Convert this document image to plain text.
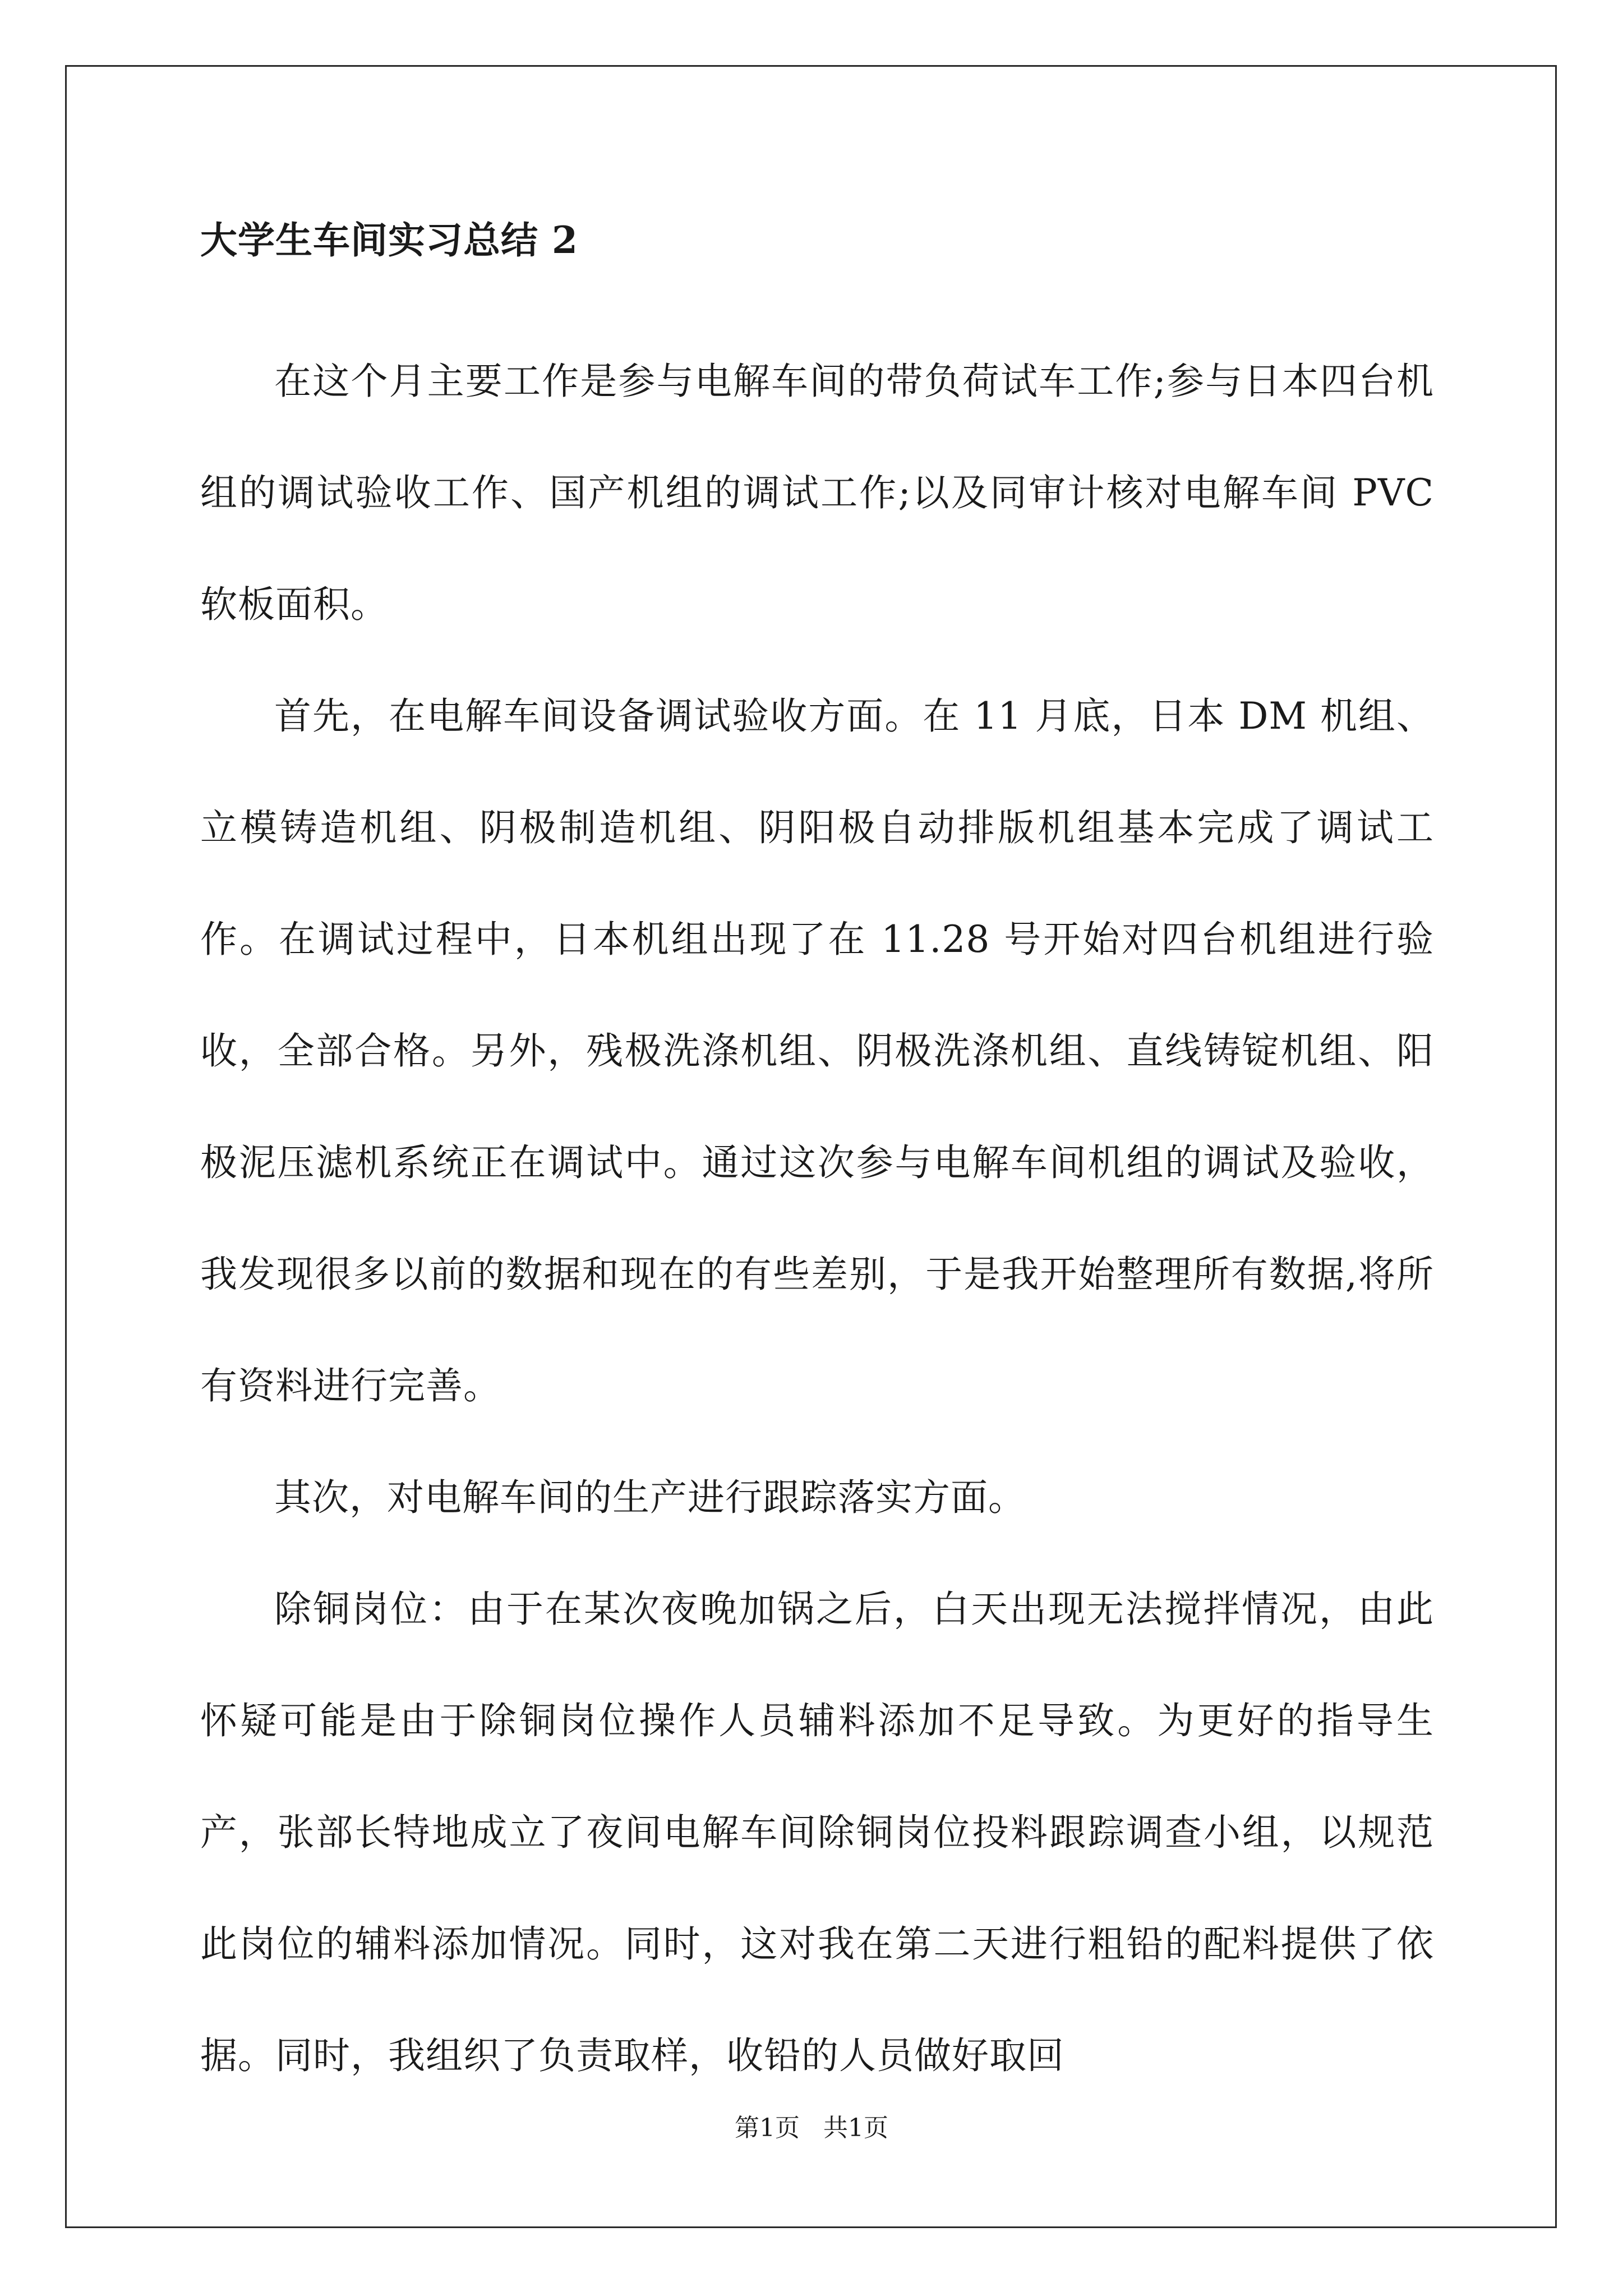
大学生车间实习总结 2

在这个月主要工作是参与电解车间的带负荷试车工作;参与日本四台机组的调试验收工作、国产机组的调试工作;以及同审计核对电解车间 PVC 软板面积。

首先，在电解车间设备调试验收方面。在 11 月底，日本 DM 机组、立模铸造机组、阴极制造机组、阴阳极自动排版机组基本完成了调试工作。在调试过程中，日本机组出现了在 11.28 号开始对四台机组进行验收，全部合格。另外，残极洗涤机组、阴极洗涤机组、直线铸锭机组、阳极泥压滤机系统正在调试中。通过这次参与电解车间机组的调试及验收，我发现很多以前的数据和现在的有些差别，于是我开始整理所有数据,将所有资料进行完善。

其次，对电解车间的生产进行跟踪落实方面。

除铜岗位：由于在某次夜晚加锅之后，白天出现无法搅拌情况，由此怀疑可能是由于除铜岗位操作人员辅料添加不足导致。为更好的指导生产，张部长特地成立了夜间电解车间除铜岗位投料跟踪调查小组，以规范此岗位的辅料添加情况。同时，这对我在第二天进行粗铅的配料提供了依据。同时，我组织了负责取样，收铅的人员做好取回

第1页   共1页
